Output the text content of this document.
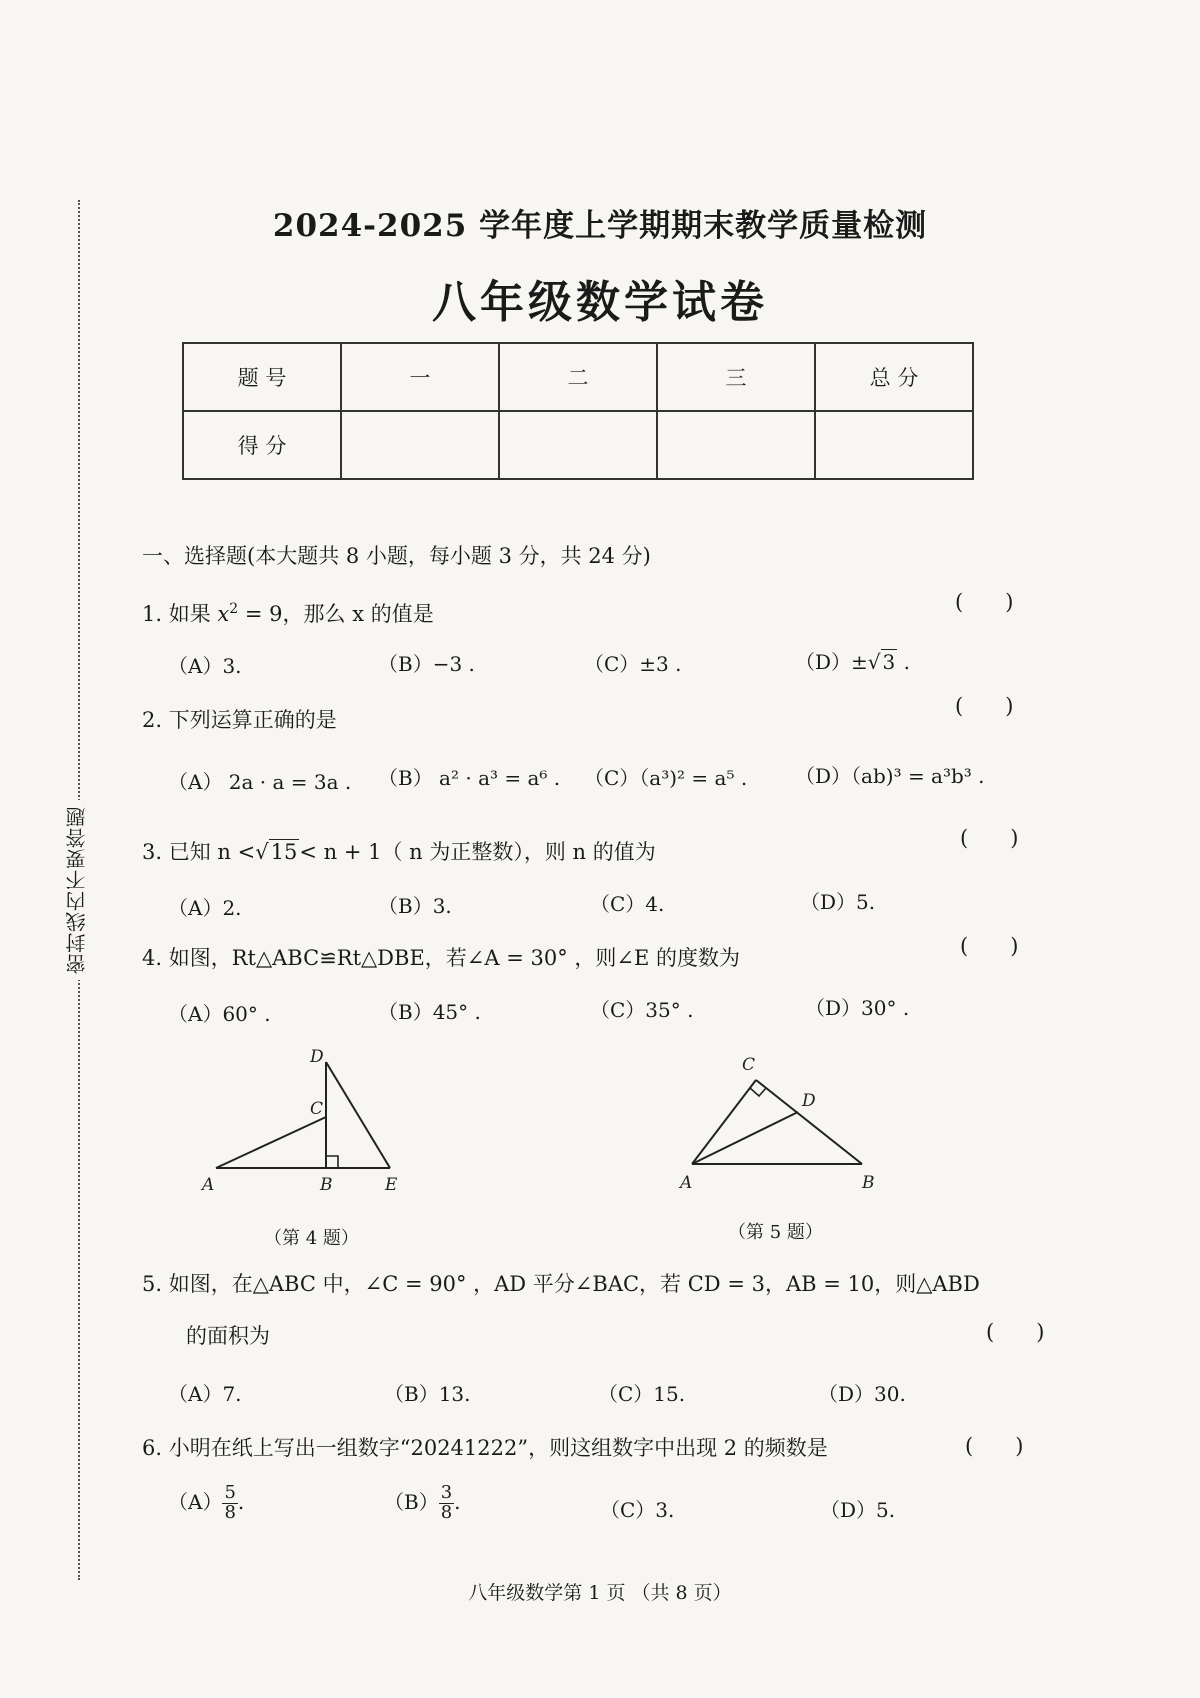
密封线内不要答题
2024-2025 学年度上学期期末教学质量检测
八年级数学试卷
题 号	一	二	三	总 分
得 分				
一、选择题(本大题共 8 小题，每小题 3 分，共 24 分)
1. 如果 $x^2 = 9$，那么 x 的值是	(　　)
（A）3.	（B）−3 .	（C）±3 .	（D）±√ 3 .
2. 下列运算正确的是
(　　)
（A） 2a · a = 3a . （B） a² · a³ = a⁶ . （C）（a³)² = a⁵ . （D）（ab)³ = a³b³ .
3. 已知 n <√15< n + 1（ n 为正整数），则 n 的值为
(　　)
（A）2.	（B）3.	（C）4.	（D）5.
4. 如图，Rt△ABC≌Rt△DBE，若∠A = 30° ，则∠E 的度数为	(　　)
（A）60° .	（B）45° .	（C）35° .	（D）30° .
D
C
A	B	E
（第 4 题）
C
D
A	B
（第 5 题）
5. 如图，在△ABC 中，∠C = 90° ，AD 平分∠BAC，若 CD = 3，AB = 10，则△ABD
的面积为	(　　)
（A）7.	（B）13.	（C）15.	（D）30.
6. 小明在纸上写出一组数字“20241222”，则这组数字中出现 2 的频数是	(　　)
$(A) \frac{5}{8}$ .	$(B) \frac{3}{8}$ .	（C）3.	（D）5.
八年级数学第 1 页 （共 8 页）
